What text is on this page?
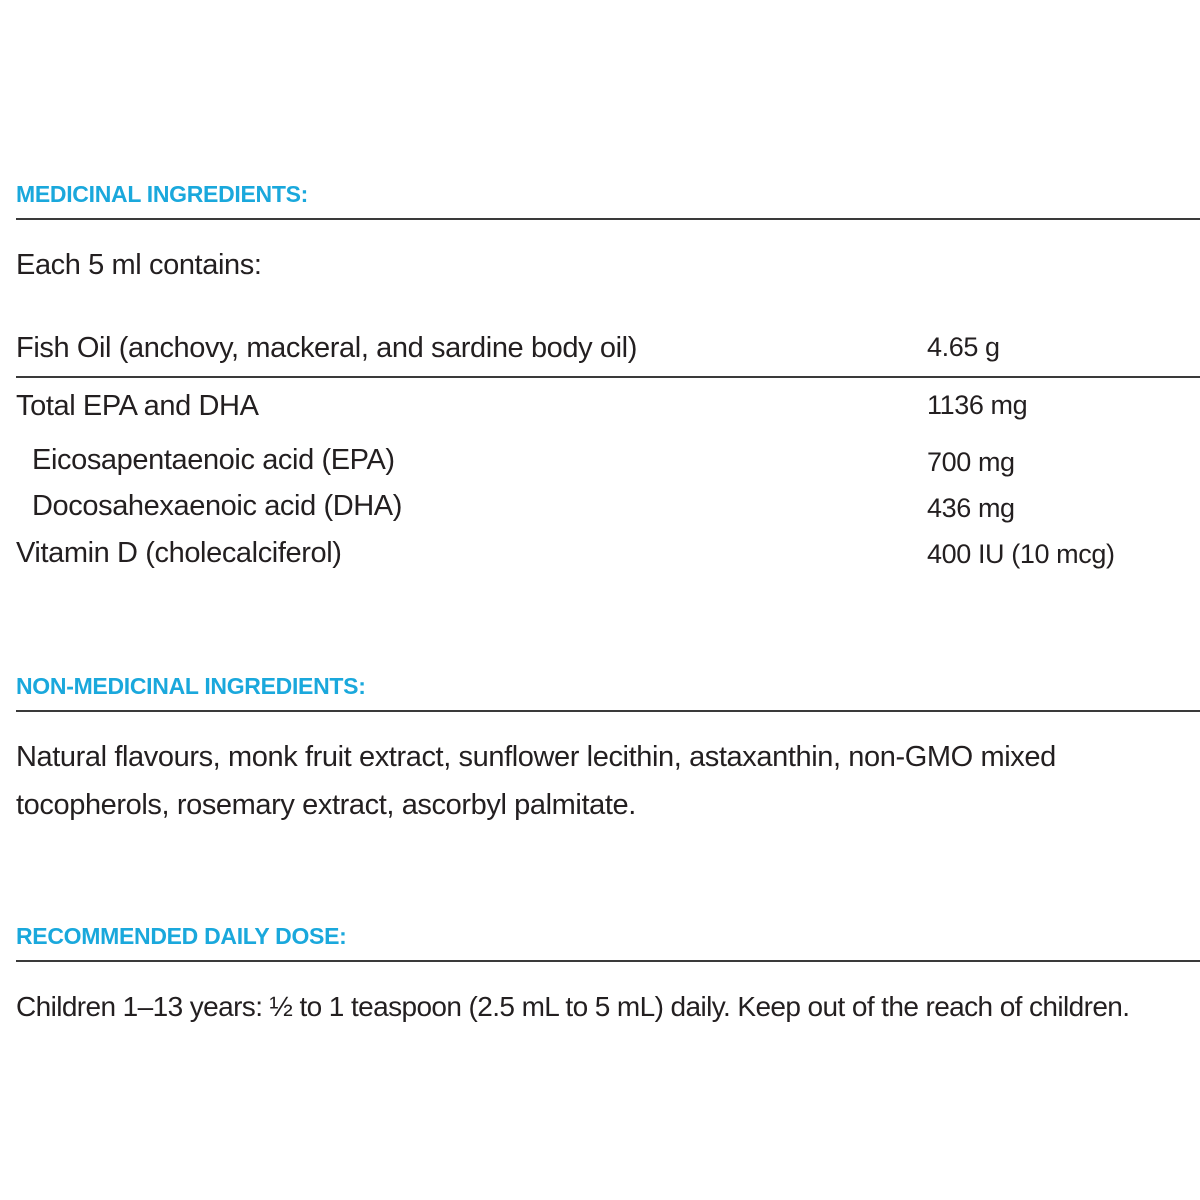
MEDICINAL INGREDIENTS:
Each 5 ml contains:
Fish Oil (anchovy, mackeral, and sardine body oil)	4.65 g
Total EPA and DHA	1136 mg
Eicosapentaenoic acid (EPA)	700 mg
Docosahexaenoic acid (DHA)	436 mg
Vitamin D (cholecalciferol)	400 IU (10 mcg)
NON-MEDICINAL INGREDIENTS:
Natural flavours, monk fruit extract, sunflower lecithin, astaxanthin, non-GMO mixed tocopherols, rosemary extract, ascorbyl palmitate.
RECOMMENDED DAILY DOSE:
Children 1–13 years: ½ to 1 teaspoon (2.5 mL to 5 mL) daily. Keep out of the reach of children.
